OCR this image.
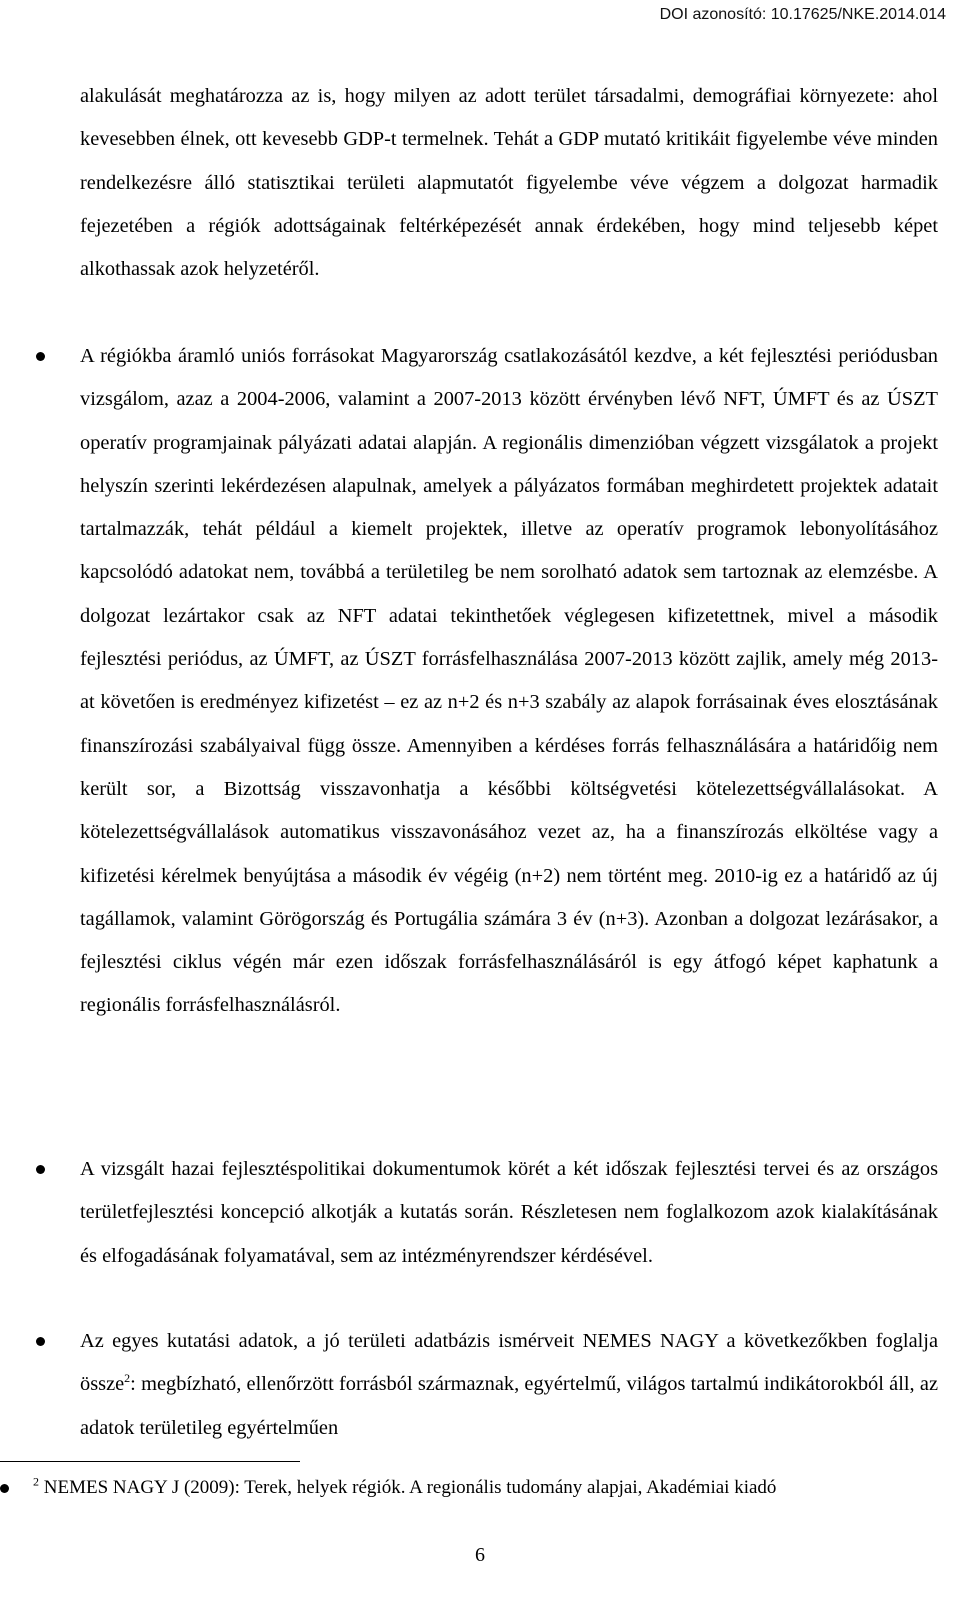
DOI azonosító: 10.17625/NKE.2014.014

alakulását meghatározza az is, hogy milyen az adott terület társadalmi, demográfiai környezete: ahol kevesebben élnek, ott kevesebb GDP-t termelnek. Tehát a GDP mutató kritikáit figyelembe véve minden rendelkezésre álló statisztikai területi alapmutatót figyelembe véve végzem a dolgozat harmadik fejezetében a régiók adottságainak feltérképezését annak érdekében, hogy mind teljesebb képet alkothassak azok helyzetéről.

A régiókba áramló uniós forrásokat Magyarország csatlakozásától kezdve, a két fejlesztési periódusban vizsgálom, azaz a 2004-2006, valamint a 2007-2013 között érvényben lévő NFT, ÚMFT és az ÚSZT operatív programjainak pályázati adatai alapján. A regionális dimenzióban végzett vizsgálatok a projekt helyszín szerinti lekérdezésen alapulnak, amelyek a pályázatos formában meghirdetett projektek adatait tartalmazzák, tehát például a kiemelt projektek, illetve az operatív programok lebonyolításához kapcsolódó adatokat nem, továbbá a területileg be nem sorolható adatok sem tartoznak az elemzésbe. A dolgozat lezártakor csak az NFT adatai tekinthetőek véglegesen kifizetettnek, mivel a második fejlesztési periódus, az ÚMFT, az ÚSZT forrásfelhasználása 2007-2013 között zajlik, amely még 2013-at követően is eredményez kifizetést – ez az n+2 és n+3 szabály az alapok forrásainak éves elosztásának finanszírozási szabályaival függ össze. Amennyiben a kérdéses forrás felhasználására a határidőig nem került sor, a Bizottság visszavonhatja a későbbi költségvetési kötelezettségvállalásokat. A kötelezettségvállalások automatikus visszavonásához vezet az, ha a finanszírozás elköltése vagy a kifizetési kérelmek benyújtása a második év végéig (n+2) nem történt meg. 2010-ig ez a határidő az új tagállamok, valamint Görögország és Portugália számára 3 év (n+3). Azonban a dolgozat lezárásakor, a fejlesztési ciklus végén már ezen időszak forrásfelhasználásáról is egy átfogó képet kaphatunk a regionális forrásfelhasználásról.

A vizsgált hazai fejlesztéspolitikai dokumentumok körét a két időszak fejlesztési tervei és az országos területfejlesztési koncepció alkotják a kutatás során. Részletesen nem foglalkozom azok kialakításának és elfogadásának folyamatával, sem az intézményrendszer kérdésével.

Az egyes kutatási adatok, a jó területi adatbázis ismérveit NEMES NAGY a következőkben foglalja össze$^2$: megbízható, ellenőrzött forrásból származnak, egyértelmű, világos tartalmú indikátorokból áll, az adatok területileg egyértelműen

$^2$ NEMES NAGY J (2009): Terek, helyek régiók. A regionális tudomány alapjai, Akadémiai kiadó
6
